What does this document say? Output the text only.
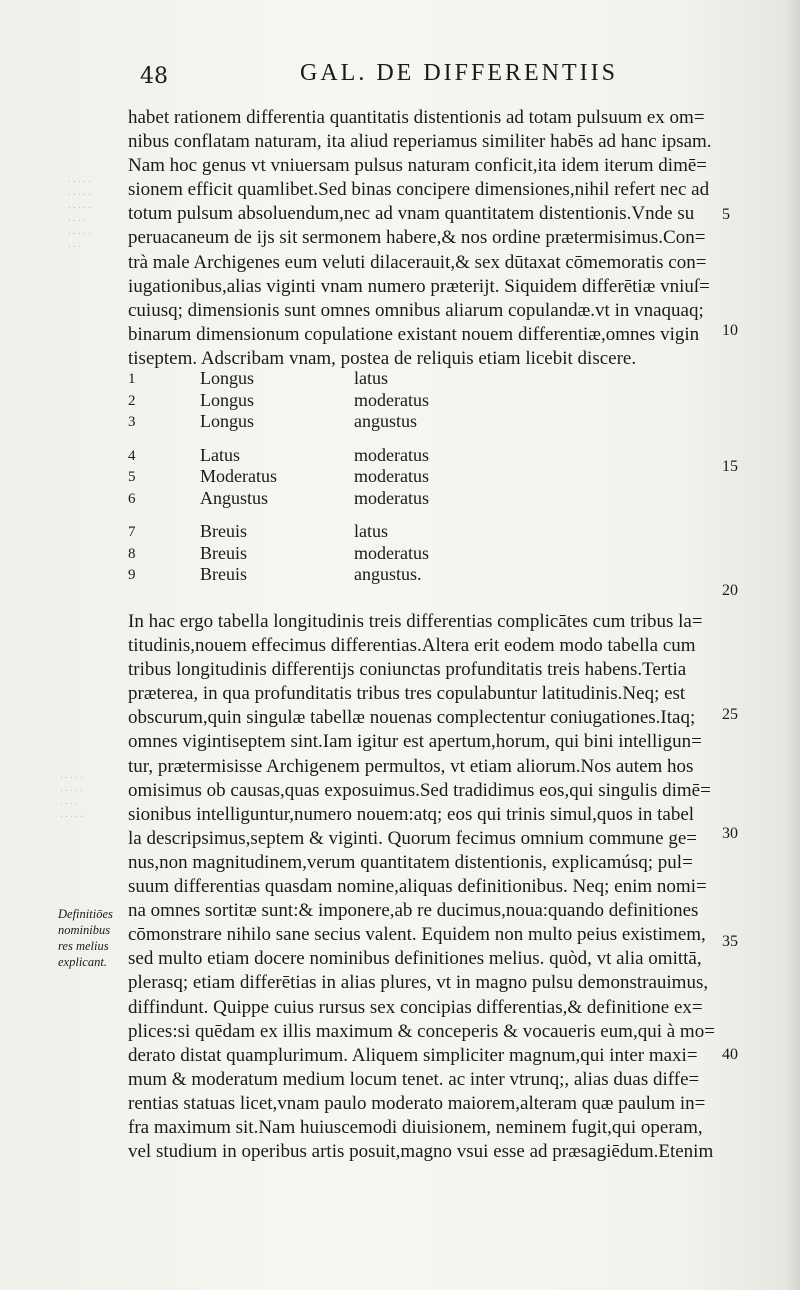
48	GAL. DE DIFFERENTIIS
· · · · ·
· · · · ·
· · · · ·
· · · ·
· · · · ·
· · ·
· · · · ·
· · · · ·
· · · ·
· · · · ·
habet rationem differentia quantitatis distentionis ad totam pulsuum ex om=
nibus conflatam naturam, ita aliud reperiamus similiter habēs ad hanc ipsam.
Nam hoc genus vt vniuersam pulsus naturam conficit,ita idem iterum dimē=
sionem efficit quamlibet.Sed binas concipere dimensiones,nihil refert nec ad
totum pulsum absoluendum,nec ad vnam quantitatem distentionis.Vnde su
peruacaneum de ijs sit sermonem habere,& nos ordine prætermisimus.Con=
trà male Archigenes eum veluti dilacerauit,& sex dūtaxat cōmemoratis con=
iugationibus,alias viginti vnam numero præterijt. Siquidem differētiæ vniuſ=
cuiusq; dimensionis sunt omnes omnibus aliarum copulandæ.vt in vnaquaq;
binarum dimensionum copulatione existant nouem differentiæ,omnes vigin
tiseptem. Adscribam vnam, postea de reliquis etiam licebit discere.
1	Longus	latus
2	Longus	moderatus
3	Longus	angustus
4	Latus	moderatus
5	Moderatus	moderatus
6	Angustus	moderatus
7	Breuis	latus
8	Breuis	moderatus
9	Breuis	angustus.
In hac ergo tabella longitudinis treis differentias complicātes cum tribus la=
titudinis,nouem effecimus differentias.Altera erit eodem modo tabella cum
tribus longitudinis differentijs coniunctas profunditatis treis habens.Tertia
præterea, in qua profunditatis tribus tres copulabuntur latitudinis.Neq; est
obscurum,quin singulæ tabellæ nouenas complectentur coniugationes.Itaq;
omnes vigintiseptem sint.Iam igitur est apertum,horum, qui bini intelligun=
tur, prætermisisse Archigenem permultos, vt etiam aliorum.Nos autem hos
omisimus ob causas,quas exposuimus.Sed tradidimus eos,qui singulis dimē=
sionibus intelliguntur,numero nouem:atq; eos qui trinis simul,quos in tabel
la descripsimus,septem & viginti. Quorum fecimus omnium commune ge=
nus,non magnitudinem,verum quantitatem distentionis, explicamúsq; pul=
suum differentias quasdam nomine,aliquas definitionibus. Neq; enim nomi=
na omnes sortitæ sunt:& imponere,ab re ducimus,noua:quando definitiones
cōmonstrare nihilo sane secius valent. Equidem non multo peius existimem,
sed multo etiam docere nominibus definitiones melius. quòd, vt alia omittā,
plerasq; etiam differētias in alias plures, vt in magno pulsu demonstrauimus,
diffindunt. Quippe cuius rursus sex concipias differentias,& definitione ex=
plices:si quēdam ex illis maximum & conceperis & vocaueris eum,qui à mo=
derato distat quamplurimum. Aliquem simpliciter magnum,qui inter maxi=
mum & moderatum medium locum tenet. ac inter vtrunq;, alias duas diffe=
rentias statuas licet,vnam paulo moderato maiorem,alteram quæ paulum in=
fra maximum sit.Nam huiuscemodi diuisionem, neminem fugit,qui operam,
vel studium in operibus artis posuit,magno vsui esse ad præsagiēdum.Etenim
5
10
15
20
25
30
35
40
Definitiōes
nominibus
res melius
explicant.
